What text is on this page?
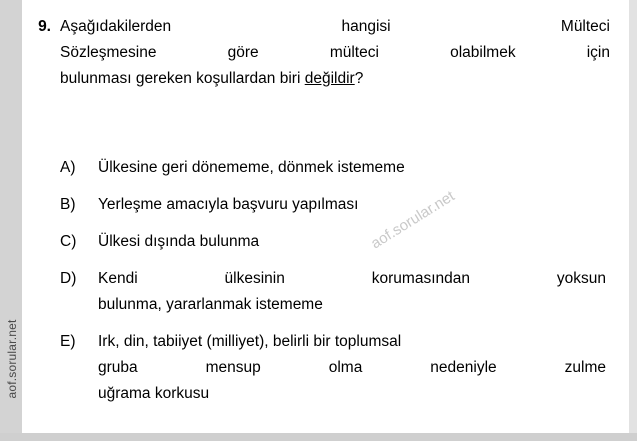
aof.sorular.net
aof.sorular.net
9. Aşağıdakilerden hangisi Mülteci
Sözleşmesine göre mülteci olabilmek için
bulunması gereken koşullardan biri değildir?
A)	Ülkesine geri dönememe, dönmek istememe
B)	Yerleşme amacıyla başvuru yapılması
C)	Ülkesi dışında bulunma
D)	Kendi ülkesinin korumasından yoksun
bulunma, yararlanmak istememe
E)	Irk, din, tabiiyet (milliyet), belirli bir toplumsal
gruba mensup olma nedeniyle zulme
uğrama korkusu
